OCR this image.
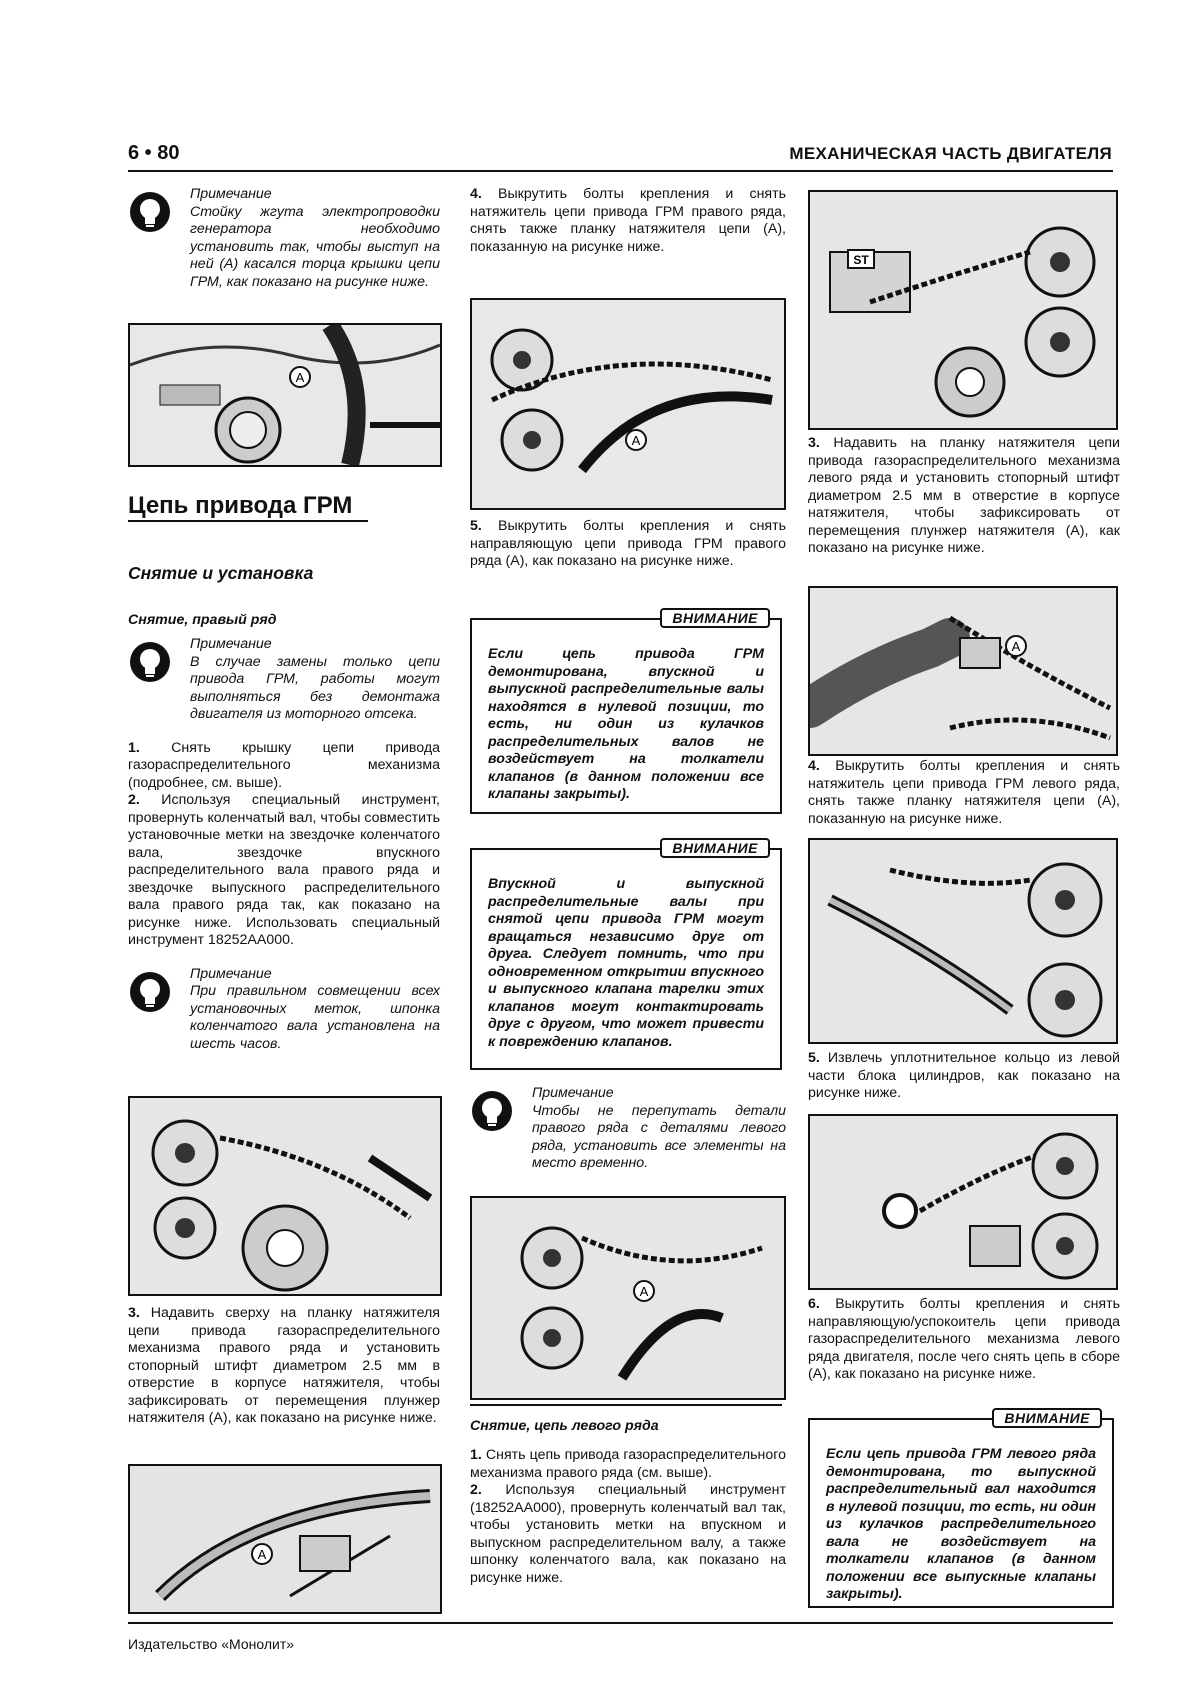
6 • 80	МЕХАНИЧЕСКАЯ ЧАСТЬ ДВИГАТЕЛЯ
Примечание
Стойку жгута электропроводки генератора необходимо установить так, чтобы выступ на ней (A) касался торца крышки цепи ГРМ, как показано на рисунке ниже.
A
Цепь привода ГРМ
Снятие и установка
Снятие, правый ряд
Примечание
В случае замены только цепи привода ГРМ, работы могут выполняться без демонтажа двигателя из моторного отсека.

1. Снять крышку цепи привода газораспределительного механизма (подробнее, см. выше).

2. Используя специальный инструмент, провернуть коленчатый вал, чтобы совместить установочные метки на звездочке коленчатого вала, звездочке впускного распределительного вала правого ряда и звездочке выпускного распределительного вала правого ряда так, как показано на рисунке ниже. Использовать специальный инструмент 18252AA000.

Примечание
При правильном совмещении всех установочных меток, шпонка коленчатого вала установлена на шесть часов.

3. Надавить сверху на планку натяжителя цепи привода газораспределительного механизма правого ряда и установить стопорный штифт диаметром 2.5 мм в отверстие в корпусе натяжителя, чтобы зафиксировать от перемещения плунжер натяжителя (A), как показано на рисунке ниже.

A

4. Выкрутить болты крепления и снять натяжитель цепи привода ГРМ правого ряда, снять также планку натяжителя цепи (A), показанную на рисунке ниже.

A

5. Выкрутить болты крепления и снять направляющую цепи привода ГРМ правого ряда (A), как показано на рисунке ниже.

ВНИМАНИЕ
Если цепь привода ГРМ демонтирована, впускной и выпускной распределительные валы находятся в нулевой позиции, то есть, ни один из кулачков распределительных валов не воздействует на толкатели клапанов (в данном положении все клапаны закрыты).
ВНИМАНИЕ
Впускной и выпускной распределительные валы при снятой цепи привода ГРМ могут вращаться независимо друг от друга. Следует помнить, что при одновременном открытии впускного и выпускного клапана тарелки этих клапанов могут контактировать друг с другом, что может привести к повреждению клапанов.
Примечание
Чтобы не перепутать детали правого ряда с деталями левого ряда, установить все элементы на место временно.
A
Снятие, цепь левого ряда

1. Снять цепь привода газораспределительного механизма правого ряда (см. выше).

2. Используя специальный инструмент (18252AA000), провернуть коленчатый вал так, чтобы установить метки на впускном и выпускном распределительном валу, а также шпонку коленчатого вала, как показано на рисунке ниже.

ST

3. Надавить на планку натяжителя цепи привода газораспределительного механизма левого ряда и установить стопорный штифт диаметром 2.5 мм в отверстие в корпусе натяжителя, чтобы зафиксировать от перемещения плунжер натяжителя (A), как показано на рисунке ниже.

A

4. Выкрутить болты крепления и снять натяжитель цепи привода ГРМ левого ряда, снять также планку натяжителя цепи (A), показанную на рисунке ниже.

5. Извлечь уплотнительное кольцо из левой части блока цилиндров, как показано на рисунке ниже.

6. Выкрутить болты крепления и снять направляющую/успокоитель цепи привода газораспределительного механизма левого ряда двигателя, после чего снять цепь в сборе (A), как показано на рисунке ниже.

ВНИМАНИЕ
Если цепь привода ГРМ левого ряда демонтирована, то выпускной распределительный вал находится в нулевой позиции, то есть, ни один из кулачков распределительного вала не воздействует на толкатели клапанов (в данном положении все выпускные клапаны закрыты).
Издательство «Монолит»
